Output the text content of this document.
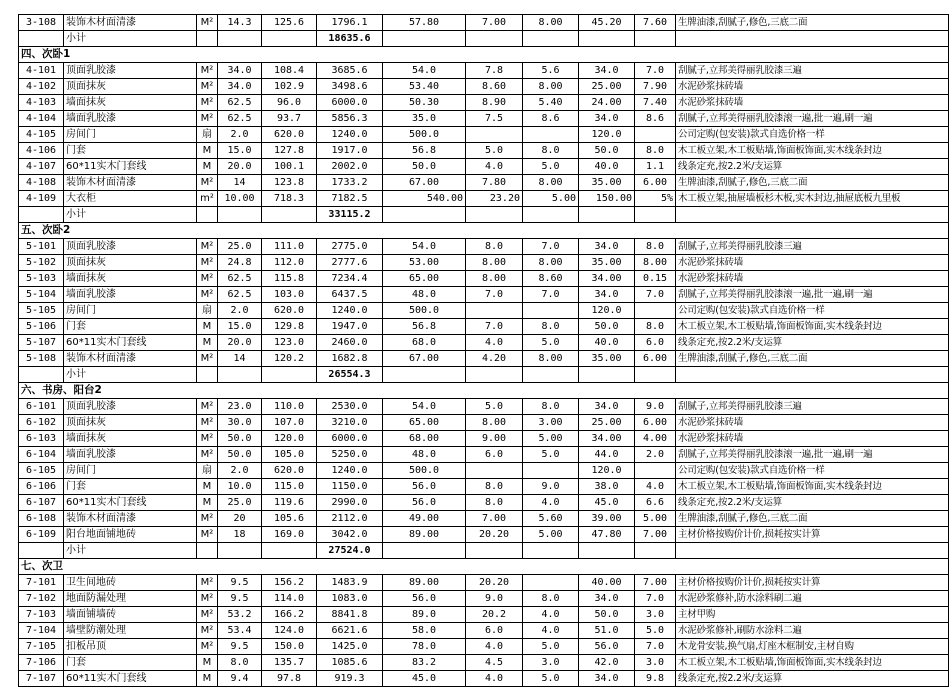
3-108	装饰木材面清漆	M²	14.3	125.6	1796.1	57.80	7.00	8.00	45.20	7.60	生牌油漆,刮腻子,修色,三底二面
	小计				18635.6						
四、次卧1											
4-101	顶面乳胶漆	M²	34.0	108.4	3685.6	54.0	7.8	5.6	34.0	7.0	刮腻子,立邦美得丽乳胶漆三遍
4-102	顶面抹灰	M²	34.0	102.9	3498.6	53.40	8.60	8.00	25.00	7.90	水泥砂浆抹砖墙
4-103	墙面抹灰	M²	62.5	96.0	6000.0	50.30	8.90	5.40	24.00	7.40	水泥砂浆抹砖墙
4-104	墙面乳胶漆	M²	62.5	93.7	5856.3	35.0	7.5	8.6	34.0	8.6	刮腻子,立邦美得丽乳胶漆滚一遍,批一遍,刷一遍
4-105	房间门	扇	2.0	620.0	1240.0	500.0			120.0		公司定购(包安装)款式自选价格一样
4-106	门套	M	15.0	127.8	1917.0	56.8	5.0	8.0	50.0	8.0	木工板立架,木工板贴墙,饰面板饰面,实木线条封边
4-107	60*11实木门套线	M	20.0	100.1	2002.0	50.0	4.0	5.0	40.0	1.1	线条定充,按2.2米/支运算
4-108	装饰木材面清漆	M²	14	123.8	1733.2	67.00	7.80	8.00	35.00	6.00	生牌油漆,刮腻子,修色,三底二面
4-109	大衣柜	m²	10.00	718.3	7182.5	540.00	23.20	5.00	150.00	5%	木工板立架,抽屉墙板杉木板,实木封边,抽屉底板九里板
	小计				33115.2						
五、次卧2											
5-101	顶面乳胶漆	M²	25.0	111.0	2775.0	54.0	8.0	7.0	34.0	8.0	刮腻子,立邦美得丽乳胶漆三遍
5-102	顶面抹灰	M²	24.8	112.0	2777.6	53.00	8.00	8.00	35.00	8.00	水泥砂浆抹砖墙
5-103	墙面抹灰	M²	62.5	115.8	7234.4	65.00	8.00	8.60	34.00	0.15	水泥砂浆抹砖墙
5-104	墙面乳胶漆	M²	62.5	103.0	6437.5	48.0	7.0	7.0	34.0	7.0	刮腻子,立邦美得丽乳胶漆滚一遍,批一遍,刷一遍
5-105	房间门	扇	2.0	620.0	1240.0	500.0			120.0		公司定购(包安装)款式自选价格一样
5-106	门套	M	15.0	129.8	1947.0	56.8	7.0	8.0	50.0	8.0	木工板立架,木工板贴墙,饰面板饰面,实木线条封边
5-107	60*11实木门套线	M	20.0	123.0	2460.0	68.0	4.0	5.0	40.0	6.0	线条定充,按2.2米/支运算
5-108	装饰木材面清漆	M²	14	120.2	1682.8	67.00	4.20	8.00	35.00	6.00	生牌油漆,刮腻子,修色,三底二面
	小计				26554.3						
六、书房、阳台2											
6-101	顶面乳胶漆	M²	23.0	110.0	2530.0	54.0	5.0	8.0	34.0	9.0	刮腻子,立邦美得丽乳胶漆三遍
6-102	顶面抹灰	M²	30.0	107.0	3210.0	65.00	8.00	3.00	25.00	6.00	水泥砂浆抹砖墙
6-103	墙面抹灰	M²	50.0	120.0	6000.0	68.00	9.00	5.00	34.00	4.00	水泥砂浆抹砖墙
6-104	墙面乳胶漆	M²	50.0	105.0	5250.0	48.0	6.0	5.0	44.0	2.0	刮腻子,立邦美得丽乳胶漆滚一遍,批一遍,刷一遍
6-105	房间门	扇	2.0	620.0	1240.0	500.0			120.0		公司定购(包安装)款式自选价格一样
6-106	门套	M	10.0	115.0	1150.0	56.0	8.0	9.0	38.0	4.0	木工板立架,木工板贴墙,饰面板饰面,实木线条封边
6-107	60*11实木门套线	M	25.0	119.6	2990.0	56.0	8.0	4.0	45.0	6.6	线条定充,按2.2米/支运算
6-108	装饰木材面清漆	M²	20	105.6	2112.0	49.00	7.00	5.60	39.00	5.00	生牌油漆,刮腻子,修色,三底二面
6-109	阳台地面铺地砖	M²	18	169.0	3042.0	89.00	20.20	5.00	47.80	7.00	主材价格按购价计价,损耗按实计算
	小计				27524.0						
七、次卫											
7-101	卫生间地砖	M²	9.5	156.2	1483.9	89.00	20.20		40.00	7.00	主材价格按购价计价,损耗按实计算
7-102	地面防漏处理	M²	9.5	114.0	1083.0	56.0	9.0	8.0	34.0	7.0	水泥砂浆修补,防水涂料刷二遍
7-103	墙面铺墙砖	M²	53.2	166.2	8841.8	89.0	20.2	4.0	50.0	3.0	主材甲购
7-104	墙壁防潮处理	M²	53.4	124.0	6621.6	58.0	6.0	4.0	51.0	5.0	水泥砂浆修补,刷防水涂料二遍
7-105	扣板吊顶	M²	9.5	150.0	1425.0	78.0	4.0	5.0	56.0	7.0	木龙骨安装,换气扇,灯座木框制安,主材自购
7-106	门套	M	8.0	135.7	1085.6	83.2	4.5	3.0	42.0	3.0	木工板立架,木工板贴墙,饰面板饰面,实木线条封边
7-107	60*11实木门套线	M	9.4	97.8	919.3	45.0	4.0	5.0	34.0	9.8	线条定充,按2.2米/支运算
